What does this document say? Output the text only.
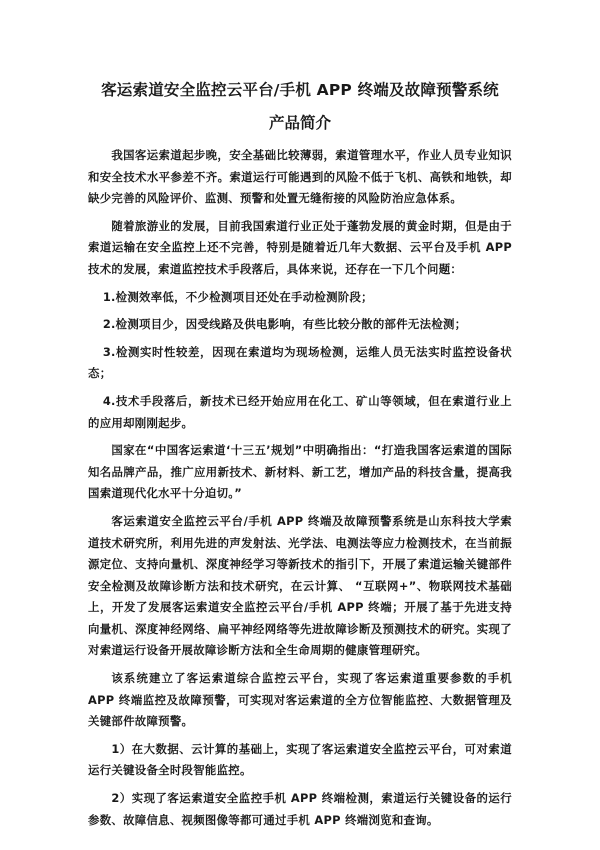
客运索道安全监控云平台/手机 APP 终端及故障预警系统
产品简介

我国客运索道起步晚，安全基础比较薄弱，索道管理水平，作业人员专业知识和安全技术水平参差不齐。索道运行可能遇到的风险不低于飞机、高铁和地铁，却缺少完善的风险评价、监测、预警和处置无缝衔接的风险防治应急体系。

随着旅游业的发展，目前我国索道行业正处于蓬勃发展的黄金时期，但是由于索道运输在安全监控上还不完善，特别是随着近几年大数据、云平台及手机 APP 技术的发展，索道监控技术手段落后，具体来说，还存在一下几个问题：

1.检测效率低，不少检测项目还处在手动检测阶段；

2.检测项目少，因受线路及供电影响，有些比较分散的部件无法检测；

3.检测实时性较差，因现在索道均为现场检测，运维人员无法实时监控设备状态；

4.技术手段落后，新技术已经开始应用在化工、矿山等领域，但在索道行业上的应用却刚刚起步。

国家在“中国客运索道‘十三五’规划”中明确指出：“打造我国客运索道的国际知名品牌产品，推广应用新技术、新材料、新工艺，增加产品的科技含量，提高我国索道现代化水平十分迫切。”

客运索道安全监控云平台/手机 APP 终端及故障预警系统是山东科技大学索道技术研究所，利用先进的声发射法、光学法、电测法等应力检测技术，在当前振源定位、支持向量机、深度神经学习等新技术的指引下，开展了索道运输关键部件安全检测及故障诊断方法和技术研究，在云计算、 “互联网+”、物联网技术基础上，开发了发展客运索道安全监控云平台/手机 APP 终端；开展了基于先进支持向量机、深度神经网络、扁平神经网络等先进故障诊断及预测技术的研究。实现了对索道运行设备开展故障诊断方法和全生命周期的健康管理研究。

该系统建立了客运索道综合监控云平台，实现了客运索道重要参数的手机 APP 终端监控及故障预警，可实现对客运索道的全方位智能监控、大数据管理及关键部件故障预警。

1）在大数据、云计算的基础上，实现了客运索道安全监控云平台，可对索道运行关键设备全时段智能监控。

2）实现了客运索道安全监控手机 APP 终端检测，索道运行关键设备的运行参数、故障信息、视频图像等都可通过手机 APP 终端浏览和查询。
